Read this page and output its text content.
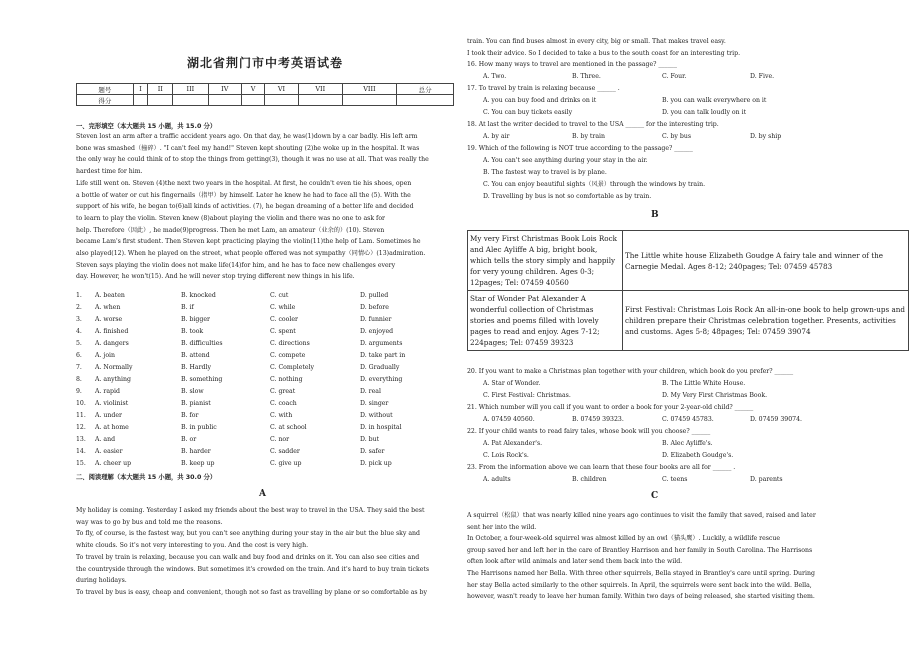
湖北省荆门市中考英语试卷
题号	I	II	III	IV	V	VI	VII	VIII	总分
得分									
一、完形填空（本大题共 15 小题，共 15.0 分）
Steven lost an arm after a traffic accident years ago. On that day, he was(1)down by a car badly. His left arm
bone was smashed（撞碎）. "I can't feel my hand!" Steven kept shouting (2)he woke up in the hospital. It was
the only way he could think of to stop the things from getting(3), though it was no use at all. That was really the
hardest time for him.
Life still went on. Steven (4)the next two years in the hospital. At first, he couldn't even tie his shoes, open
a bottle of water or cut his fingernails（指甲）by himself. Later he knew he had to face all the (5). With the
support of his wife, he began to(6)all kinds of activities. (7), he began dreaming of a better life and decided
to learn to play the violin. Steven knew (8)about playing the violin and there was no one to ask for
help. Therefore（因此）, he made(9)progress. Then he met Lam, an amateur（业余的）(10). Steven
became Lam's first student. Then Steven kept practicing playing the violin(11)the help of Lam. Sometimes he
also played(12). When he played on the street, what people offered was not sympathy（同情心）(13)admiration.
Steven says playing the violin does not make life(14)for him, and he has to face new challenges every
day. However, he won't(15). And he will never stop trying different new things in his life.
1. A. beaten	B. knocked	C. cut	D. pulled
2. A. when	B. if	C. while	D. before
3. A. worse	B. bigger	C. cooler	D. funnier
4. A. finished	B. took	C. spent	D. enjoyed
5. A. dangers	B. difficulties	C. directions	D. arguments
6. A. join	B. attend	C. compete	D. take part in
7. A. Normally	B. Hardly	C. Completely	D. Gradually
8. A. anything	B. something	C. nothing	D. everything
9. A. rapid	B. slow	C. great	D. real
10. A. violinist	B. pianist	C. coach	D. singer
11. A. under	B. for	C. with	D. without
12. A. at home	B. in public	C. at school	D. in hospital
13. A. and	B. or	C. nor	D. but
14. A. easier	B. harder	C. sadder	D. safer
15. A. cheer up	B. keep up	C. give up	D. pick up
二、阅读理解（本大题共 15 小题，共 30.0 分）
A
My holiday is coming. Yesterday I asked my friends about the best way to travel in the USA. They said the best
way was to go by bus and told me the reasons.
To fly, of course, is the fastest way, but you can't see anything during your stay in the air but the blue sky and
white clouds. So it's not very interesting to you. And the cost is very high.
To travel by train is relaxing, because you can walk and buy food and drinks on it. You can also see cities and
the countryside through the windows. But sometimes it's crowded on the train. And it's hard to buy train tickets
during holidays.
To travel by bus is easy, cheap and convenient, though not so fast as travelling by plane or so comfortable as by
train. You can find buses almost in every city, big or small. That makes travel easy.
I took their advice. So I decided to take a bus to the south coast for an interesting trip.
16. How many ways to travel are mentioned in the passage? ______
A. Two.	B. Three.	C. Four.	D. Five.
17. To travel by train is relaxing because ______ .
A. you can buy food and drinks on it	B. you can walk everywhere on it
C. You can buy tickets easily	D. you can talk loudly on it
18. At last the writer decided to travel to the USA ______ for the interesting trip.
A. by air	B. by train	C. by bus	D. by ship
19. Which of the following is NOT true according to the passage? ______
A. You can't see anything during your stay in the air.
B. The fastest way to travel is by plane.
C. You can enjoy beautiful sights（风景）through the windows by train.
D. Travelling by bus is not so comfortable as by train.
B
My very First Christmas Book Lois Rock and Alec Ayliffe A big, bright book, which tells the story simply and happily for very young children. Ages 0-3; 12pages; Tel: 07459 40560	The Little white house Elizabeth Goudge A fairy tale and winner of the Carnegie Medal. Ages 8-12; 240pages; Tel: 07459 45783
Star of Wonder Pat Alexander A wonderful collection of Christmas stories and poems filled with lovely pages to read and enjoy. Ages 7-12; 224pages; Tel: 07459 39323	First Festival: Christmas Lois Rock An all-in-one book to help grown-ups and children prepare their Christmas celebration together. Presents, activities and customs. Ages 5-8; 48pages; Tel: 07459 39074
20. If you want to make a Christmas plan together with your children, which book do you prefer? ______
A. Star of Wonder.	B. The Little White House.
C. First Festival: Christmas.	D. My Very First Christmas Book.
21. Which number will you call if you want to order a book for your 2-year-old child? ______
A. 07459 40560.	B. 07459 39323.	C. 07459 45783.	D. 07459 39074.
22. If your child wants to read fairy tales, whose book will you choose? ______
A. Pat Alexander's.	B. Alec Ayliffe's.
C. Lois Rock's.	D. Elizabeth Goudge's.
23. From the information above we can learn that these four books are all for ______ .
A. adults	B. children	C. teens	D. parents
C
A squirrel（松鼠）that was nearly killed nine years ago continues to visit the family that saved, raised and later
sent her into the wild.
In October, a four-week-old squirrel was almost killed by an owl（猫头鹰）. Luckily, a wildlife rescue
group saved her and left her in the care of Brantley Harrison and her family in South Carolina. The Harrisons
often look after wild animals and later send them back into the wild.
The Harrisons named her Bella. With three other squirrels, Bella stayed in Brantley's care until spring. During
her stay Bella acted similarly to the other squirrels. In April, the squirrels were sent back into the wild. Bella,
however, wasn't ready to leave her human family. Within two days of being released, she started visiting them.
